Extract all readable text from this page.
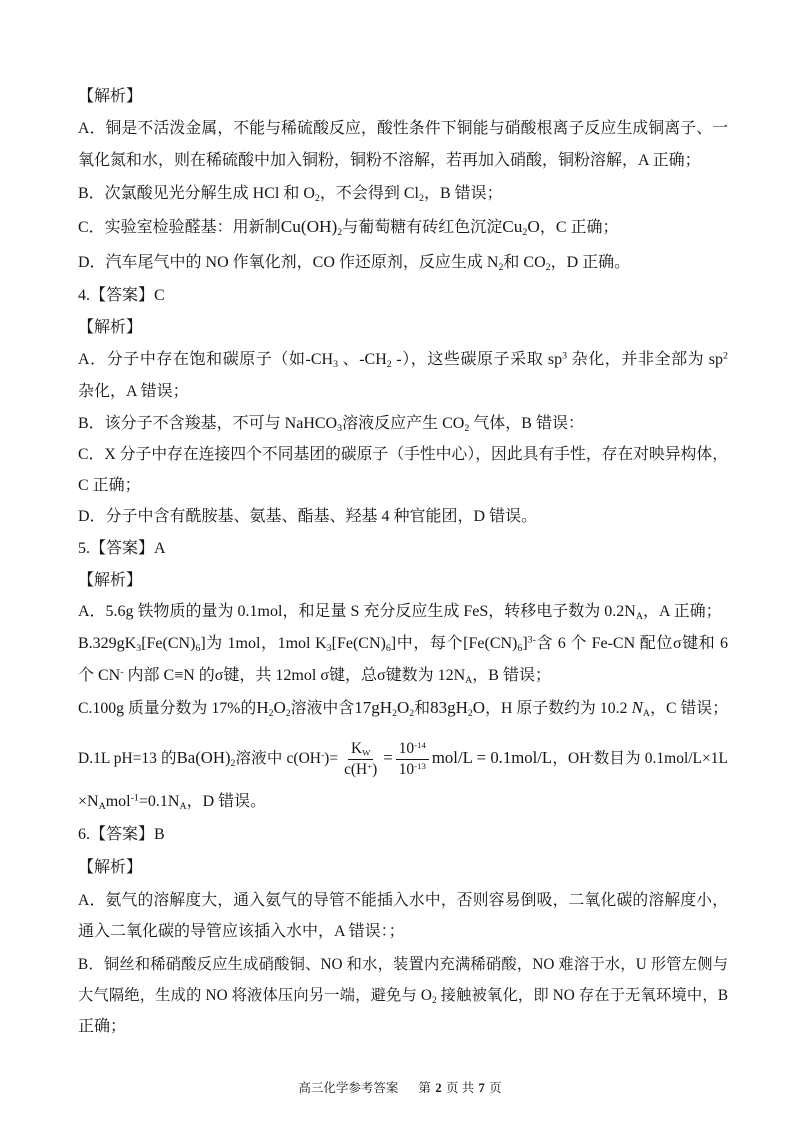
高三化学参考答案 第 2 页 共 7 页
【解析】
A．铜是不活泼金属，不能与稀硫酸反应，酸性条件下铜能与硝酸根离子反应生成铜离子、一
氧化氮和水，则在稀硫酸中加入铜粉，铜粉不溶解，若再加入硝酸，铜粉溶解，A 正确；
B．次氯酸见光分解生成 HCl 和 $O_2$，不会得到 $Cl_2$，B 错误；
C．实验室检验醛基：用新制$Cu(OH)_2$与葡萄糖有砖红色沉淀$Cu_2O$，C 正确；
D．汽车尾气中的 NO 作氧化剂，CO 作还原剂，反应生成 $N_2$和 $CO_2$，D 正确。
4.【答案】C
【解析】
A．分子中存在饱和碳原子（如$-CH_3$ 、$-CH_2$ -），这些碳原子采取 $sp^3$ 杂化，并非全部为 $sp^2$
杂化，A 错误；
B．该分子不含羧基，不可与 NaHCO$_3$溶液反应产生 $CO_2$ 气体，B 错误：
C．X 分子中存在连接四个不同基团的碳原子（手性中心），因此具有手性，存在对映异构体，
C 正确；
D．分子中含有酰胺基、氨基、酯基、羟基 4 种官能团，D 错误。
5.【答案】A
【解析】
A．5.6g 铁物质的量为 0.1mol，和足量 S 充分反应生成 FeS，转移电子数为 $0.2N_A$，A 正确；
$B.329gK_3[Fe(CN)_6]$为 1mol，1mol $K_3[Fe(CN)_6]$中，每个$[Fe(CN)_6]^{3-}$含 6 个 Fe-CN 配位σ键和 6
个 CN- 内部 C≡N 的σ键，共 12mol σ键，总σ键数为 $12N_A$，B 错误；
C.100g 质量分数为 17%的$H_2O_2$溶液中含$17gH_2O_2$和$83gH_2O$，H 原子数约为 10.2 $N_A$，C 错误；
D.1L pH=13 的$Ba(OH)_2$溶液中 $c(OH^-)= \frac{K_W}{c(H^+)} = \frac{10^{-14}}{10^{-13}} mol/L = 0.1mol/L$，OH-数目为 0.1mol/L×1L
$\times N_Amol^{-1}=0.1N_A$，D 错误。
6.【答案】B
【解析】
A．氨气的溶解度大，通入氨气的导管不能插入水中，否则容易倒吸，二氧化碳的溶解度小，
通入二氧化碳的导管应该插入水中，A 错误：；
B．铜丝和稀硝酸反应生成硝酸铜、NO 和水，装置内充满稀硝酸，NO 难溶于水，U 形管左侧与
大气隔绝，生成的 NO 将液体压向另一端，避免与 $O_2$ 接触被氧化，即 NO 存在于无氧环境中，B
正确；
